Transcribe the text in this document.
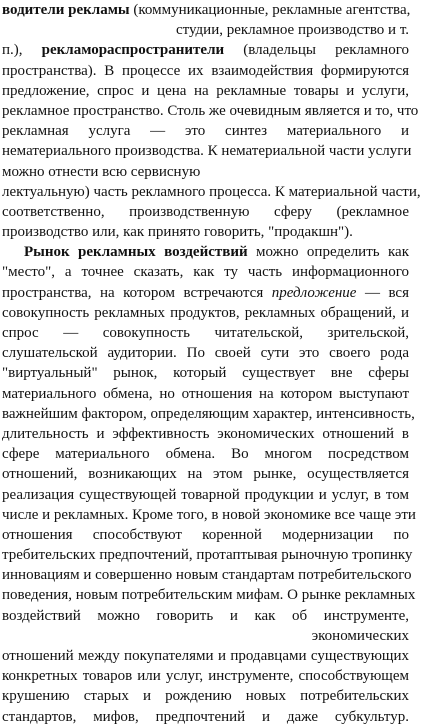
водители рекламы (коммуникационные, рекламные агентства,
студии, рекламное производство и т.
п.), рекламораспространители (владельцы рекламного
пространства). В процессе их взаимодействия формируются
предложение, спрос и цена на рекламные товары и услуги,
рекламное пространство. Столь же очевидным является и то, что
рекламная услуга — это синтез материального и
нематериального производства. К нематериальной части услуги
можно отнести всю сервисную
лектуальную) часть рекламного процесса. К материальной части,
соответственно, производственную сферу (рекламное
производство или, как принято говорить, "продакшн").
Рынок рекламных воздействий можно определить как
"место", а точнее сказать, как ту часть информационного
пространства, на котором встречаются предложение — вся
совокупность рекламных продуктов, рекламных обращений, и
спрос — совокупность читательской, зрительской,
слушательской аудитории. По своей сути это своего рода
"виртуальный" рынок, который существует вне сферы
материального обмена, но отношения на котором выступают
важнейшим фактором, определяющим характер, интенсивность,
длительность и эффективность экономических отношений в
сфере материального обмена. Во многом посредством
отношений, возникающих на этом рынке, осуществляется
реализация существующей товарной продукции и услуг, в том
числе и рекламных. Кроме того, в новой экономике все чаще эти
отношения способствуют коренной модернизации по
требительских предпочтений, протаптывая рыночную тропинку
инновациям и совершенно новым стандартам потребительского
поведения, новым потребительским мифам. О рынке рекламных
воздействий можно говорить и как об инструменте,
экономических
отношений между покупателями и продавцами существующих
конкретных товаров или услуг, инструменте, способствующем
крушению старых и рождению новых потребительских
стандартов, мифов, предпочтений и даже субкультур.
